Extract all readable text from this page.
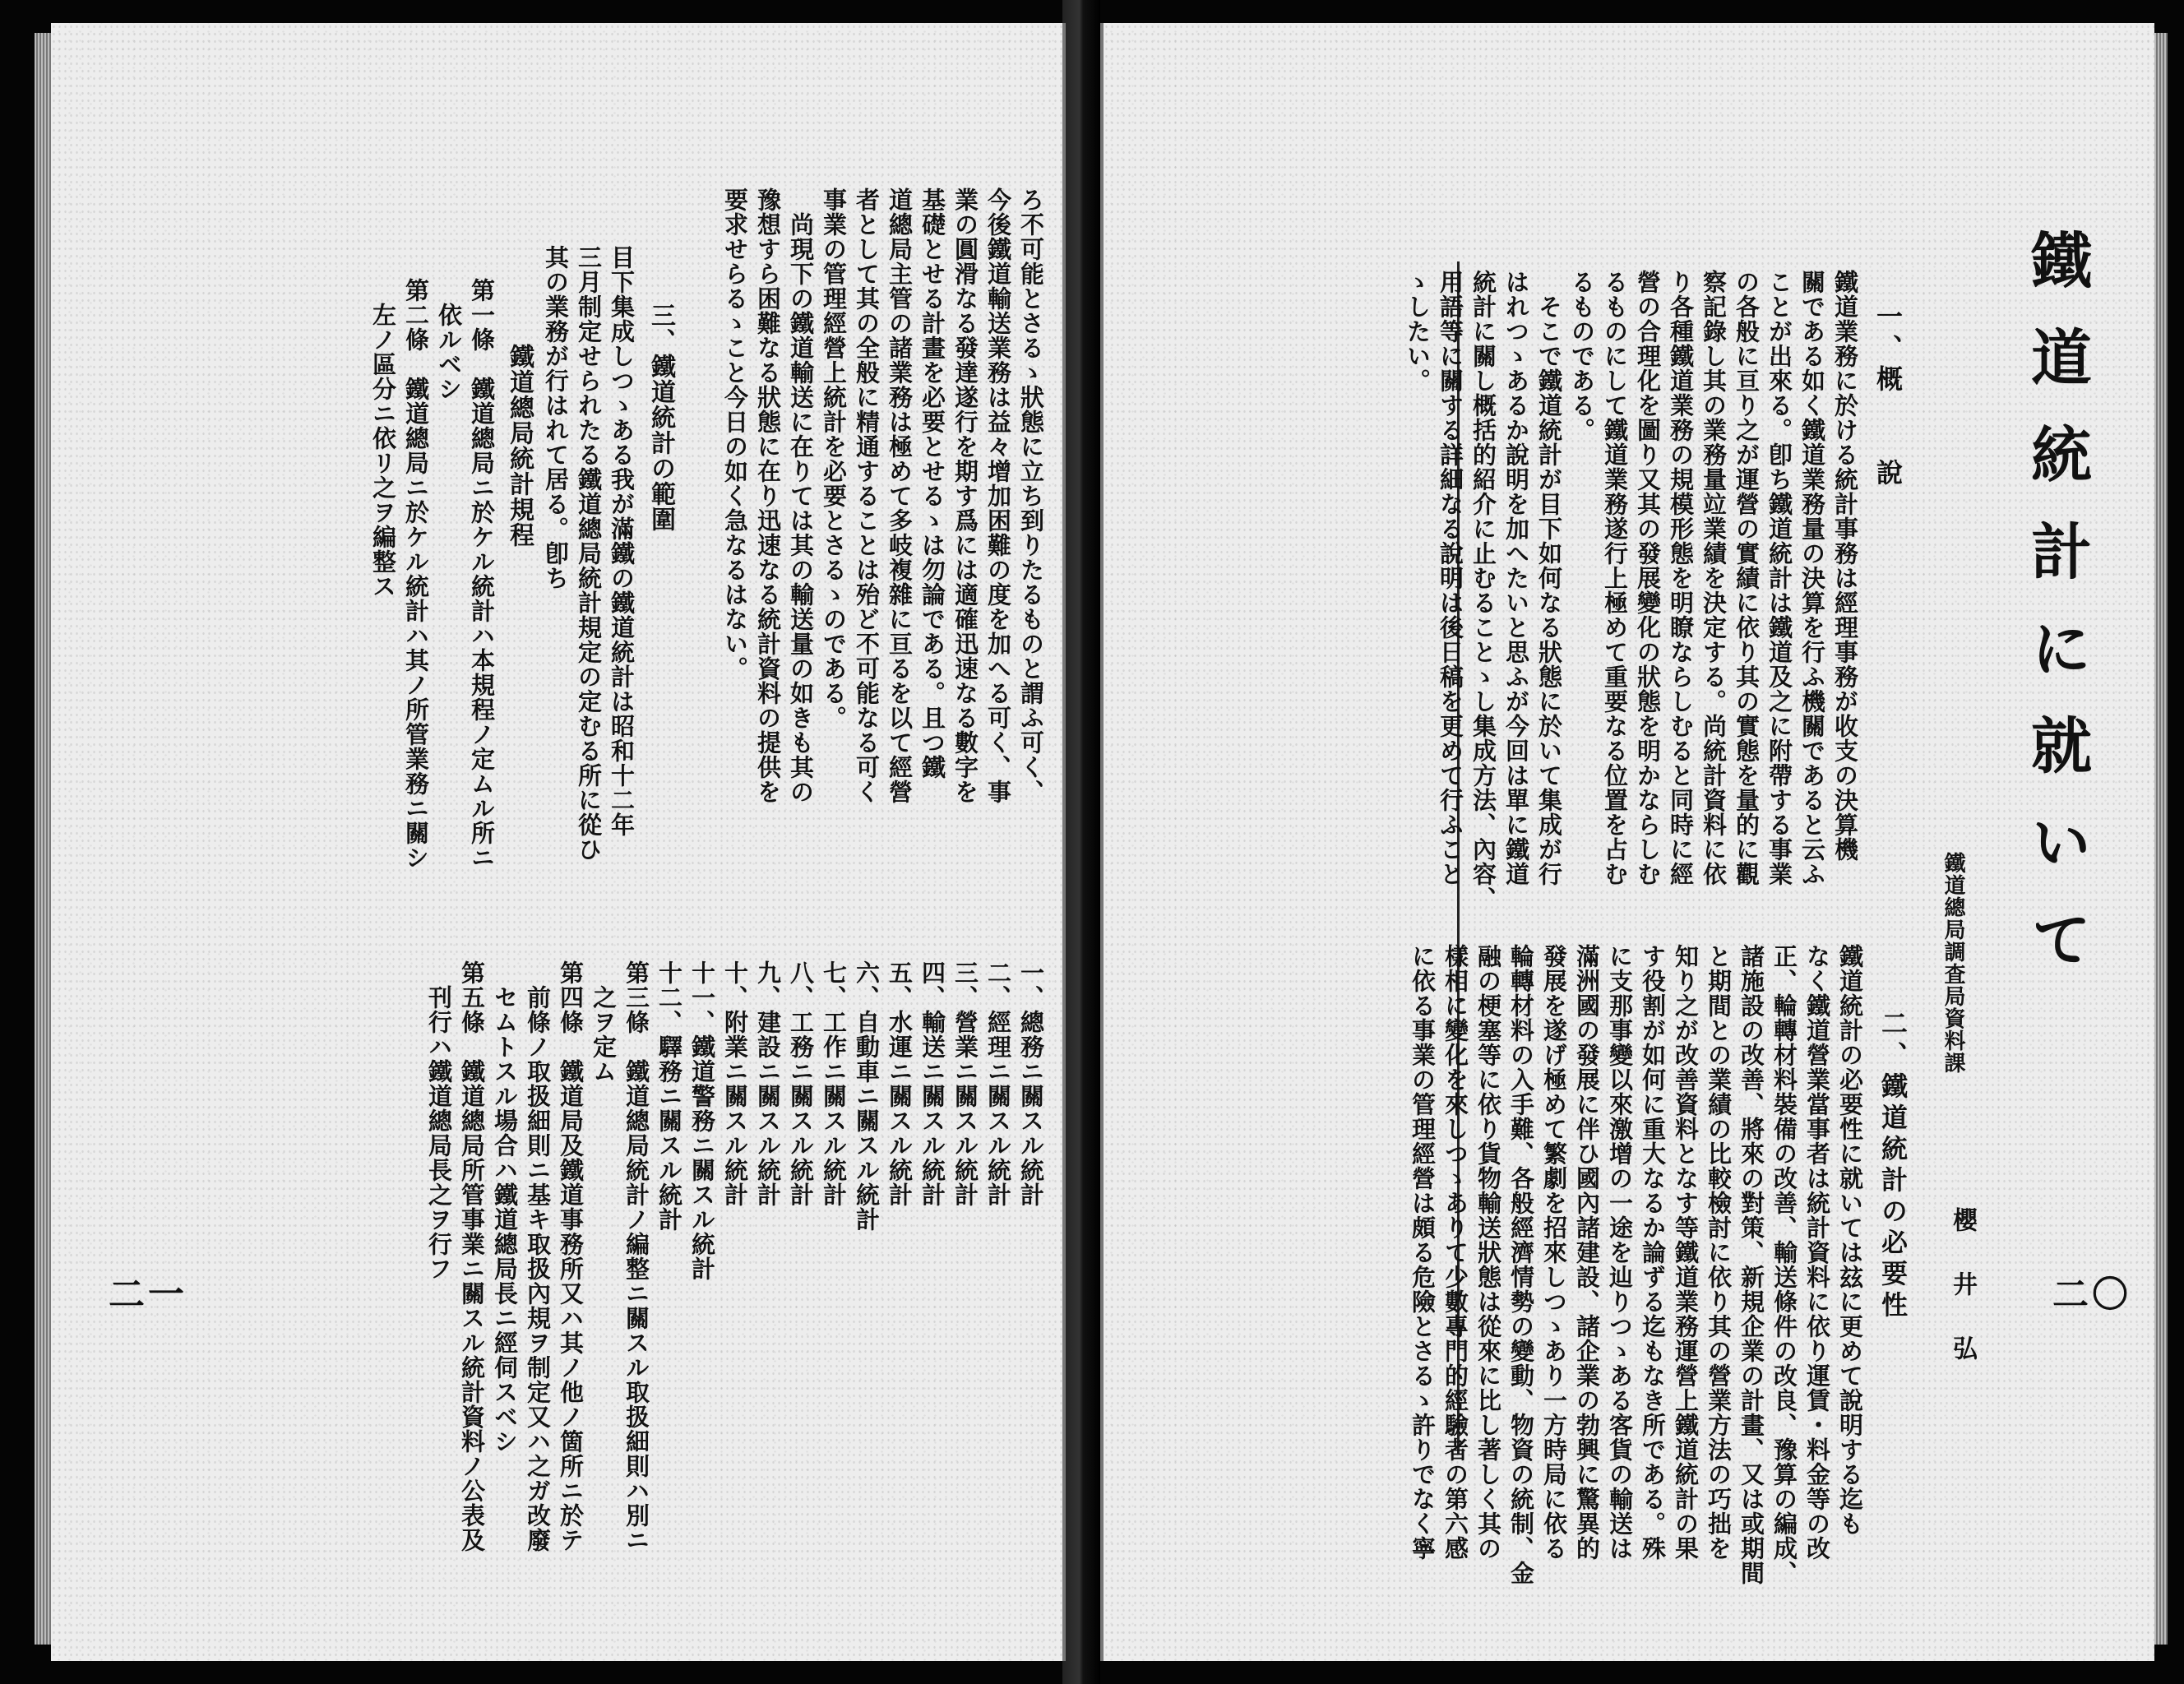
鐵道統計に就いて
鐵道總局調査局資料課
櫻井弘 二〇
一、概　　說
鐵道業務に於ける統計事務は經理事務が收支の決算機
關である如く鐵道業務量の決算を行ふ機關であると云ふ
ことが出來る。卽ち鐵道統計は鐵道及之に附帶する事業
の各般に亘り之が運營の實績に依り其の實態を量的に觀
察記錄し其の業務量竝業績を決定する。尚統計資料に依
り各種鐵道業務の規模形態を明瞭ならしむると同時に經
營の合理化を圖り又其の發展變化の狀態を明かならしむ
るものにして鐵道業務遂行上極めて重要なる位置を占む
るものである。
　そこで鐵道統計が目下如何なる狀態に於いて集成が行
はれつゝあるか說明を加へたいと思ふが今回は單に鐵道
統計に關し概括的紹介に止むることゝし集成方法、內容、
用語等に關する詳細なる說明は後日稿を更めて行ふこと
ゝしたい。
二、鐵道統計の必要性
鐵道統計の必要性に就いては玆に更めて說明する迄も
なく鐵道營業當事者は統計資料に依り運賃・料金等の改
正、輪轉材料裝備の改善、輸送條件の改良、豫算の編成、
諸施設の改善、將來の對策、新規企業の計畫、又は或期間
と期間との業績の比較檢討に依り其の營業方法の巧拙を
知り之が改善資料となす等鐵道業務運營上鐵道統計の果
す役割が如何に重大なるか論ずる迄もなき所である。殊
に支那事變以來激增の一途を辿りつゝある客貨の輸送は
滿洲國の發展に伴ひ國內諸建設、諸企業の勃興に驚異的
發展を遂げ極めて繁劇を招來しつゝあり一方時局に依る
輪轉材料の入手難、各般經濟情勢の變動、物資の統制、金
融の梗塞等に依り貨物輸送狀態は從來に比し著しく其の
樣相に變化を來しつゝありて少數專門的經驗者の第六感
に依る事業の管理經營は頗る危險とさるゝ許りでなく寧
ろ不可能とさるゝ狀態に立ち到りたるものと謂ふ可く、
今後鐵道輸送業務は益々增加困難の度を加へる可く、事
業の圓滑なる發達遂行を期す爲には適確迅速なる數字を
基礎とせる計畫を必要とせるゝは勿論である。且つ鐵
道總局主管の諸業務は極めて多岐複雜に亘るを以て經營
者として其の全般に精通することは殆ど不可能なる可く
事業の管理經營上統計を必要とさるゝのである。
　尚現下の鐵道輸送に在りては其の輸送量の如きも其の
豫想すら困難なる狀態に在り迅速なる統計資料の提供を
要求せらるゝこと今日の如く急なるはない。
三、鐵道統計の範圍
目下集成しつゝある我が滿鐵の鐵道統計は昭和十二年
三月制定せられたる鐵道總局統計規定の定むる所に從ひ
其の業務が行はれて居る。卽ち
鐵道總局統計規程
第一條　鐵道總局ニ於ケル統計ハ本規程ノ定ムル所ニ
　依ルベシ
第二條　鐵道總局ニ於ケル統計ハ其ノ所管業務ニ關シ
　左ノ區分ニ依リ之ヲ編整ス
一、總務ニ關スル統計
二、經理ニ關スル統計
三、營業ニ關スル統計
四、輸送ニ關スル統計
五、水運ニ關スル統計
六、自動車ニ關スル統計
七、工作ニ關スル統計
八、工務ニ關スル統計
九、建設ニ關スル統計
十、附業ニ關スル統計
十一、鐵道警務ニ關スル統計
十二、驛務ニ關スル統計
第三條　鐵道總局統計ノ編整ニ關スル取扱細則ハ別ニ
　之ヲ定ム
第四條　鐵道局及鐵道事務所又ハ其ノ他ノ箇所ニ於テ
　前條ノ取扱細則ニ基キ取扱內規ヲ制定又ハ之ガ改廢
　セムトスル場合ハ鐵道總局長ニ經伺スベシ
第五條　鐵道總局所管事業ニ關スル統計資料ノ公表及
　刊行ハ鐵道總局長之ヲ行フ
二一
